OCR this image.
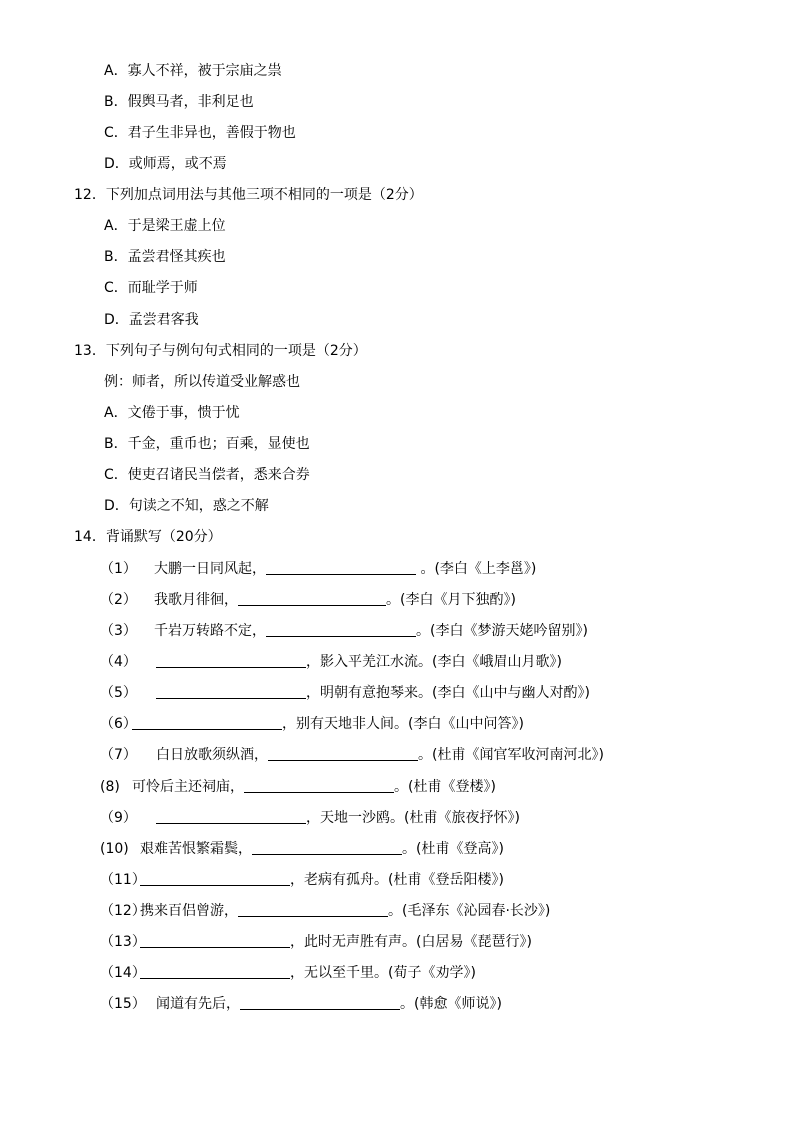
A．寡人不祥，被于宗庙之祟
B．假舆马者，非利足也
C．君子生非异也，善假于物也
D．或师焉，或不焉
12．下列加点词用法与其他三项不相同的一项是（2分）
A．于是梁王虚上位
B．孟尝君怪其疾也
C．而耻学于师
D．孟尝君客我
13．下列句子与例句句式相同的一项是（2分）
例：师者，所以传道受业解惑也
A．文倦于事，愦于忧
B．千金，重币也；百乘，显使也
C．使吏召诸民当偿者，悉来合券
D．句读之不知，惑之不解
14．背诵默写（20分）
（1） 大鹏一日同风起，	。(李白《上李邕》)
（2） 我歌月徘徊，	。(李白《月下独酌》)
（3） 千岩万转路不定，	。(李白《梦游天姥吟留别》)
（4）	，影入平羌江水流。(李白《峨眉山月歌》)
（5）	，明朝有意抱琴来。(李白《山中与幽人对酌》)
（6）	，别有天地非人间。(李白《山中问答》)
（7） 白日放歌须纵酒，	。(杜甫《闻官军收河南河北》)
(8) 可怜后主还祠庙，	。(杜甫《登楼》)
（9）	，天地一沙鸥。(杜甫《旅夜抒怀》)
(10) 艰难苦恨繁霜鬓，	。(杜甫《登高》)
（11）	，老病有孤舟。(杜甫《登岳阳楼》)
（12）携来百侣曾游，	。(毛泽东《沁园春·长沙》)
（13）	，此时无声胜有声。(白居易《琵琶行》)
（14）	，无以至千里。(荀子《劝学》)
（15） 闻道有先后，	。(韩愈《师说》)
